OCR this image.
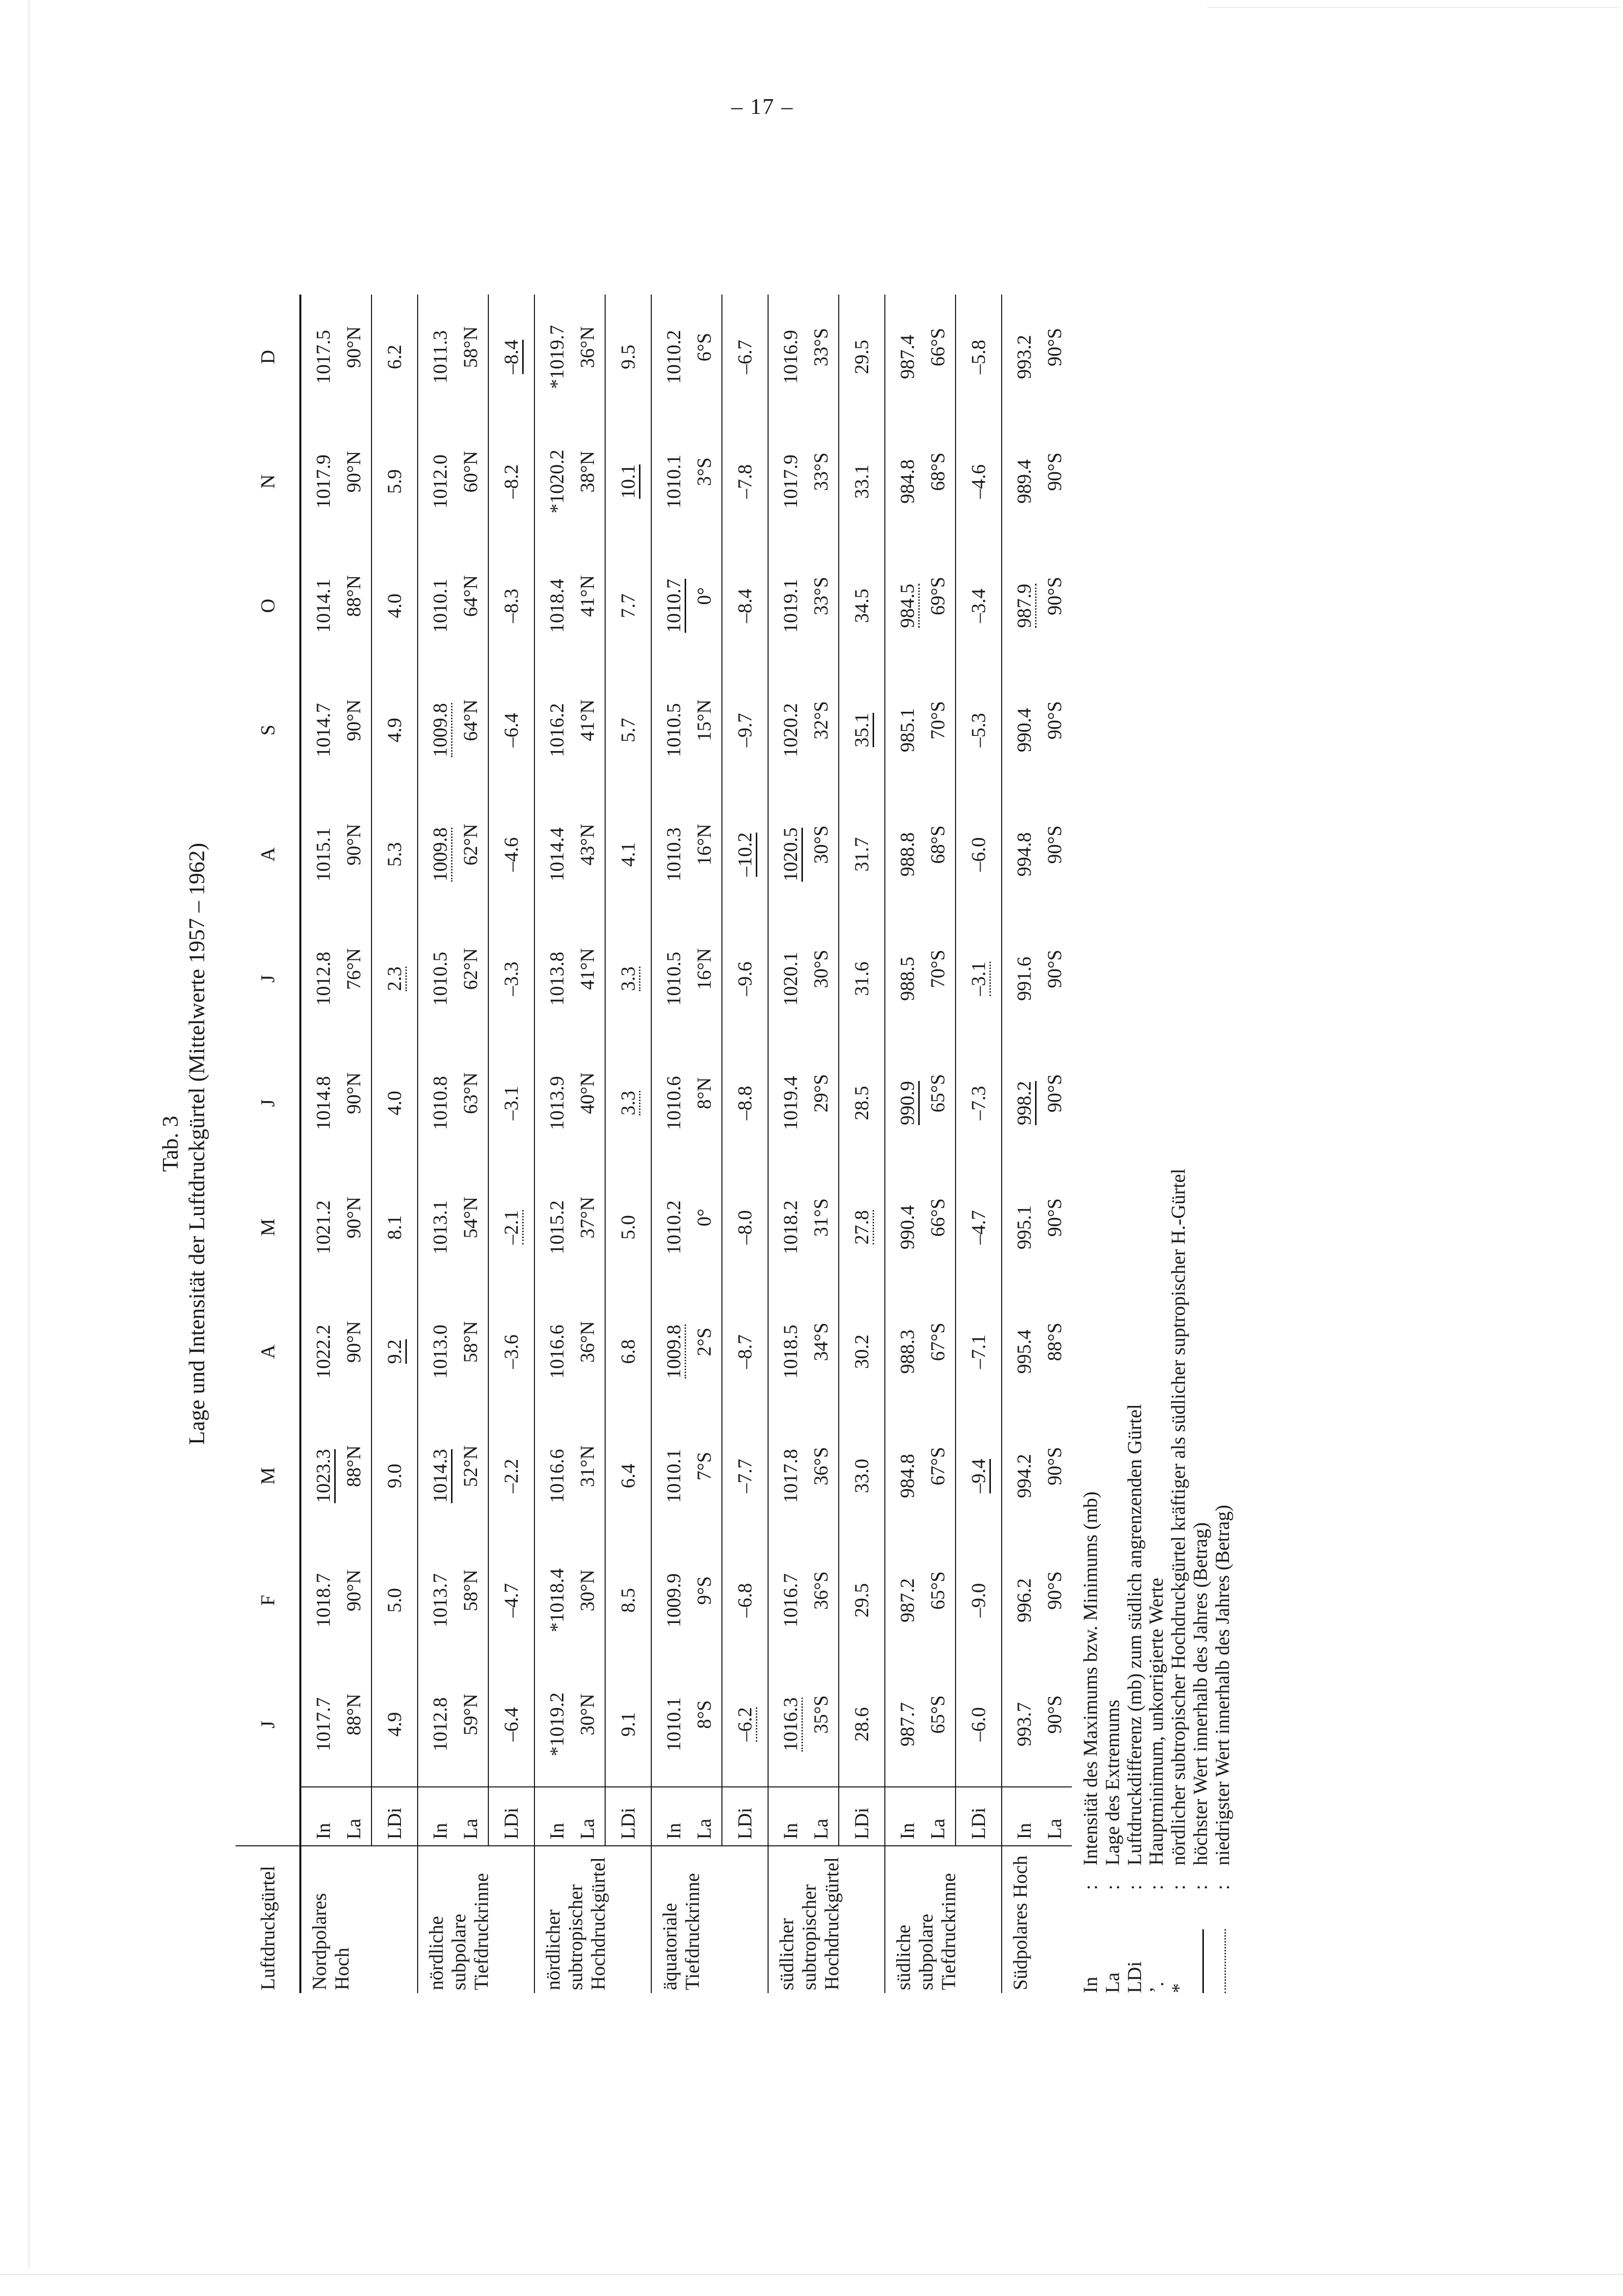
– 17 –
Tab. 3 Lage und Intensität der Luftdruckgürtel (Mittelwerte 1957 – 1962)
Luftdruckgürtel		J	F	M	A	M	J	J	A	S	O	N	D
Nordpolares Hoch	In La	1017.7 88°N	1018.7 90°N	1023.3 88°N	1022.2 90°N	1021.2 90°N	1014.8 90°N	1012.8 76°N	1015.1 90°N	1014.7 90°N	1014.1 88°N	1017.9 90°N	1017.5 90°N

	LDi	4.9	5.0	9.0	9.2	8.1	4.0	2.3	5.3	4.9	4.0	5.9	6.2
nördliche subpolare Tiefdruckrinne	In La	1012.8 59°N	1013.7 58°N	1014.3 52°N	1013.0 58°N	1013.1 54°N	1010.8 63°N	1010.5 62°N	1009.8 62°N	1009.8 64°N	1010.1 64°N	1012.0 60°N	1011.3 58°N

	LDi	–6.4	–4.7	–2.2	–3.6	–2.1	–3.1	–3.3	–4.6	–6.4	–8.3	–8.2	–8.4
nördlicher subtropischer Hochdruckgürtel	In La	*1019.2 30°N	*1018.4 30°N	1016.6 31°N	1016.6 36°N	1015.2 37°N	1013.9 40°N	1013.8 41°N	1014.4 43°N	1016.2 41°N	1018.4 41°N	*1020.2 38°N	*1019.7 36°N

	LDi	9.1	8.5	6.4	6.8	5.0	3.3	3.3	4.1	5.7	7.7	10.1	9.5
äquatoriale Tiefdruckrinne	In La	1010.1 8°S	1009.9 9°S	1010.1 7°S	1009.8 2°S	1010.2 0°	1010.6 8°N	1010.5 16°N	1010.3 16°N	1010.5 15°N	1010.7 0°	1010.1 3°S	1010.2 6°S

	LDi	–6.2	–6.8	–7.7	–8.7	–8.0	–8.8	–9.6	–10.2	–9.7	–8.4	–7.8	–6.7
südlicher subtropischer Hochdruckgürtel	In La	1016.3 35°S	1016.7 36°S	1017.8 36°S	1018.5 34°S	1018.2 31°S	1019.4 29°S	1020.1 30°S	1020.5 30°S	1020.2 32°S	1019.1 33°S	1017.9 33°S	1016.9 33°S

	LDi	28.6	29.5	33.0	30.2	27.8	28.5	31.6	31.7	35.1	34.5	33.1	29.5
südliche subpolare Tiefdruckrinne	In La	987.7 65°S	987.2 65°S	984.8 67°S	988.3 67°S	990.4 66°S	990.9 65°S	988.5 70°S	988.8 68°S	985.1 70°S	984.5 69°S	984.8 68°S	987.4 66°S

	LDi	–6.0	–9.0	–9.4	–7.1	–4.7	–7.3	–3.1	–6.0	–5.3	–3.4	–4.6	–5.8
Südpolares Hoch	In La	993.7 90°S	996.2 90°S	994.2 90°S	995.4 88°S	995.1 90°S	998.2 90°S	991.6 90°S	994.8 90°S	990.4 90°S	987.9 90°S	989.4 90°S	993.2 90°S
In
:
Intensität des Maximums bzw. Minimums (mb)
La
:
Lage des Extremums
LDi
:
Luftdruckdifferenz (mb) zum südlich angrenzenden Gürtel
’.
:
Hauptminimum, unkorrigierte Werte
*
:
nördlicher subtropischer Hochdruckgürtel kräftiger als südlicher suptropischer H.-Gürtel
:
höchster Wert innerhalb des Jahres (Betrag)
:
niedrigster Wert innerhalb des Jahres (Betrag)
